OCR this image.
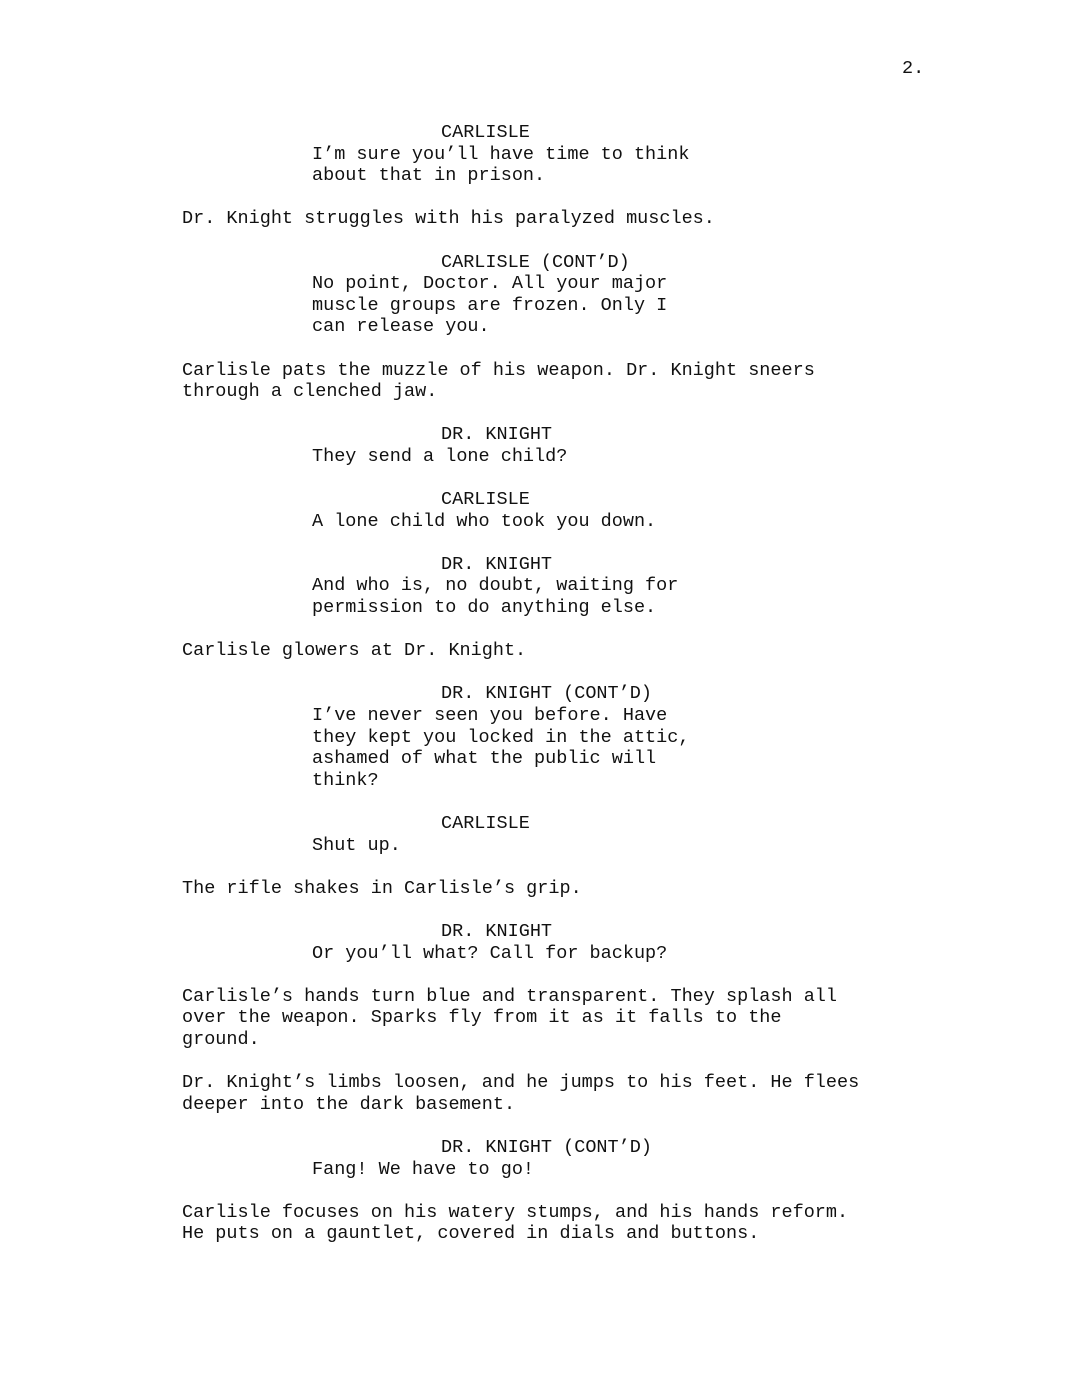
2.
CARLISLE
I’m sure you’ll have time to think
about that in prison.
Dr. Knight struggles with his paralyzed muscles.
CARLISLE (CONT’D)
No point, Doctor. All your major
muscle groups are frozen. Only I
can release you.
Carlisle pats the muzzle of his weapon. Dr. Knight sneers
through a clenched jaw.
DR. KNIGHT
They send a lone child?
CARLISLE
A lone child who took you down.
DR. KNIGHT
And who is, no doubt, waiting for
permission to do anything else.
Carlisle glowers at Dr. Knight.
DR. KNIGHT (CONT’D)
I’ve never seen you before. Have
they kept you locked in the attic,
ashamed of what the public will
think?
CARLISLE
Shut up.
The rifle shakes in Carlisle’s grip.
DR. KNIGHT
Or you’ll what? Call for backup?
Carlisle’s hands turn blue and transparent. They splash all
over the weapon. Sparks fly from it as it falls to the
ground.
Dr. Knight’s limbs loosen, and he jumps to his feet. He flees
deeper into the dark basement.
DR. KNIGHT (CONT’D)
Fang! We have to go!
Carlisle focuses on his watery stumps, and his hands reform.
He puts on a gauntlet, covered in dials and buttons.
